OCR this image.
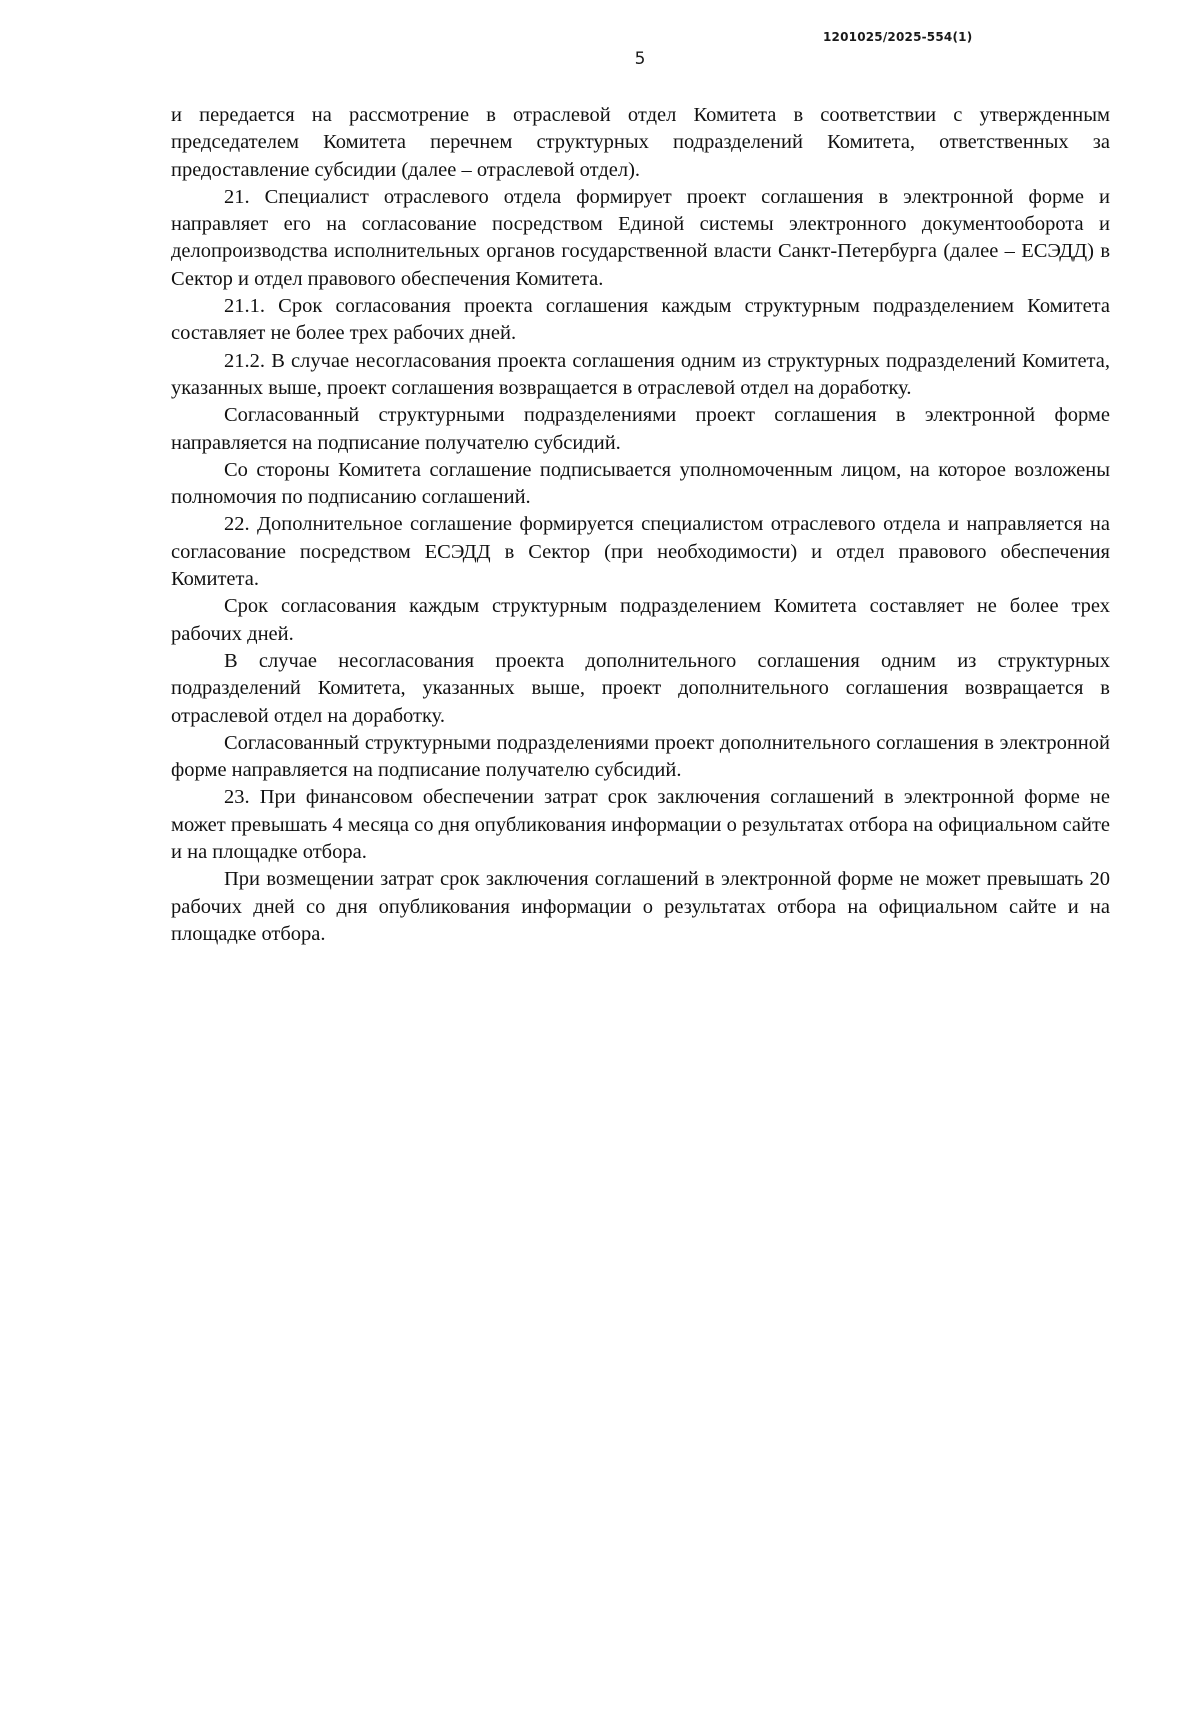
1201025/2025-554(1)
5

и передается на рассмотрение в отраслевой отдел Комитета в соответствии с утвержденным председателем Комитета перечнем структурных подразделений Комитета, ответственных за предоставление субсидии (далее – отраслевой отдел).

21. Специалист отраслевого отдела формирует проект соглашения в электронной форме и направляет его на согласование посредством Единой системы электронного документооборота и делопроизводства исполнительных органов государственной власти Санкт-Петербурга (далее – ЕСЭДД) в Сектор и отдел правового обеспечения Комитета.

21.1. Срок согласования проекта соглашения каждым структурным подразделением Комитета составляет не более трех рабочих дней.

21.2. В случае несогласования проекта соглашения одним из структурных подразделений Комитета, указанных выше, проект соглашения возвращается в отраслевой отдел на доработку.

Согласованный структурными подразделениями проект соглашения в электронной форме направляется на подписание получателю субсидий.

Со стороны Комитета соглашение подписывается уполномоченным лицом, на которое возложены полномочия по подписанию соглашений.

22. Дополнительное соглашение формируется специалистом отраслевого отдела и направляется на согласование посредством ЕСЭДД в Сектор (при необходимости) и отдел правового обеспечения Комитета.

Срок согласования каждым структурным подразделением Комитета составляет не более трех рабочих дней.

В случае несогласования проекта дополнительного соглашения одним из структурных подразделений Комитета, указанных выше, проект дополнительного соглашения возвращается в отраслевой отдел на доработку.

Согласованный структурными подразделениями проект дополнительного соглашения в электронной форме направляется на подписание получателю субсидий.

23. При финансовом обеспечении затрат срок заключения соглашений в электронной форме не может превышать 4 месяца со дня опубликования информации о результатах отбора на официальном сайте и на площадке отбора.

При возмещении затрат срок заключения соглашений в электронной форме не может превышать 20 рабочих дней со дня опубликования информации о результатах отбора на официальном сайте и на площадке отбора.
